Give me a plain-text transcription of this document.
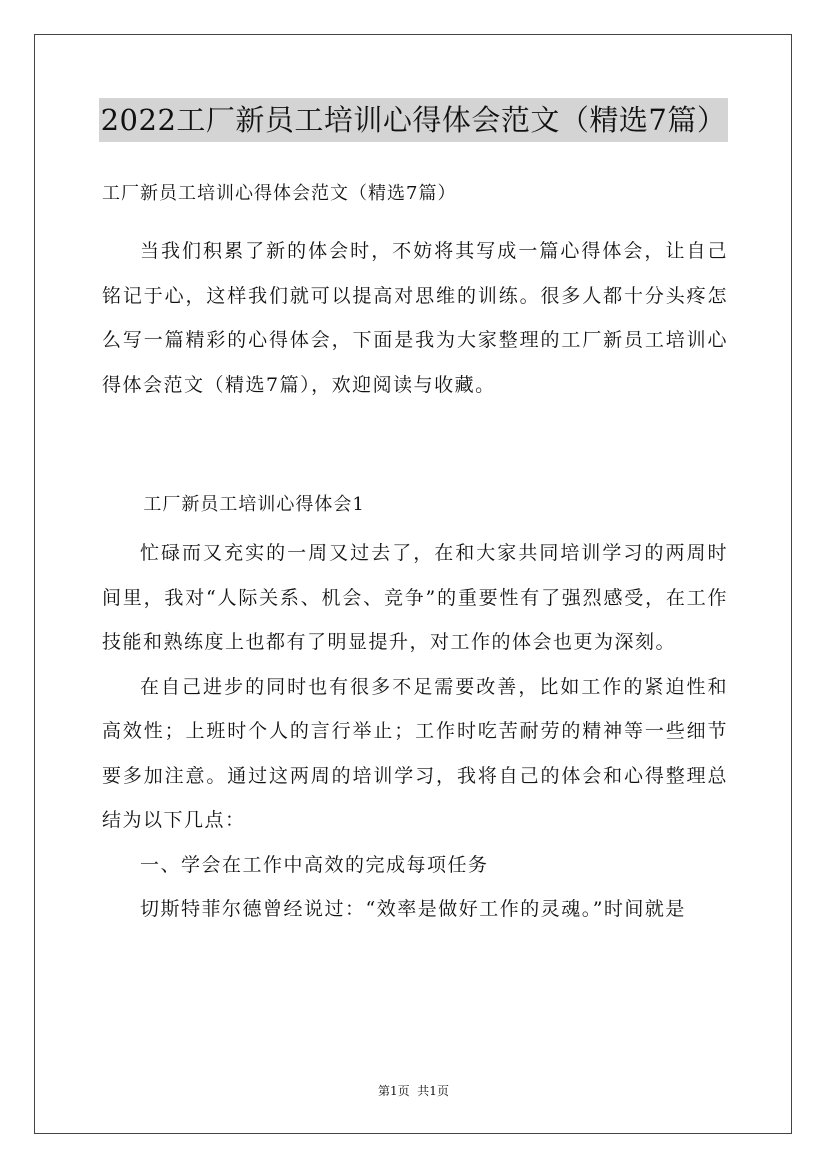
2022工厂新员工培训心得体会范文（精选7篇）

工厂新员工培训心得体会范文（精选7篇）

当我们积累了新的体会时，不妨将其写成一篇心得体会，让自己铭记于心，这样我们就可以提高对思维的训练。很多人都十分头疼怎么写一篇精彩的心得体会，下面是我为大家整理的工厂新员工培训心得体会范文（精选7篇），欢迎阅读与收藏。

工厂新员工培训心得体会1

忙碌而又充实的一周又过去了，在和大家共同培训学习的两周时间里，我对“人际关系、机会、竞争”的重要性有了强烈感受，在工作技能和熟练度上也都有了明显提升，对工作的体会也更为深刻。

在自己进步的同时也有很多不足需要改善，比如工作的紧迫性和高效性；上班时个人的言行举止；工作时吃苦耐劳的精神等一些细节要多加注意。通过这两周的培训学习，我将自己的体会和心得整理总结为以下几点：

一、学会在工作中高效的完成每项任务

切斯特菲尔德曾经说过：“效率是做好工作的灵魂。”时间就是

第1页  共1页
